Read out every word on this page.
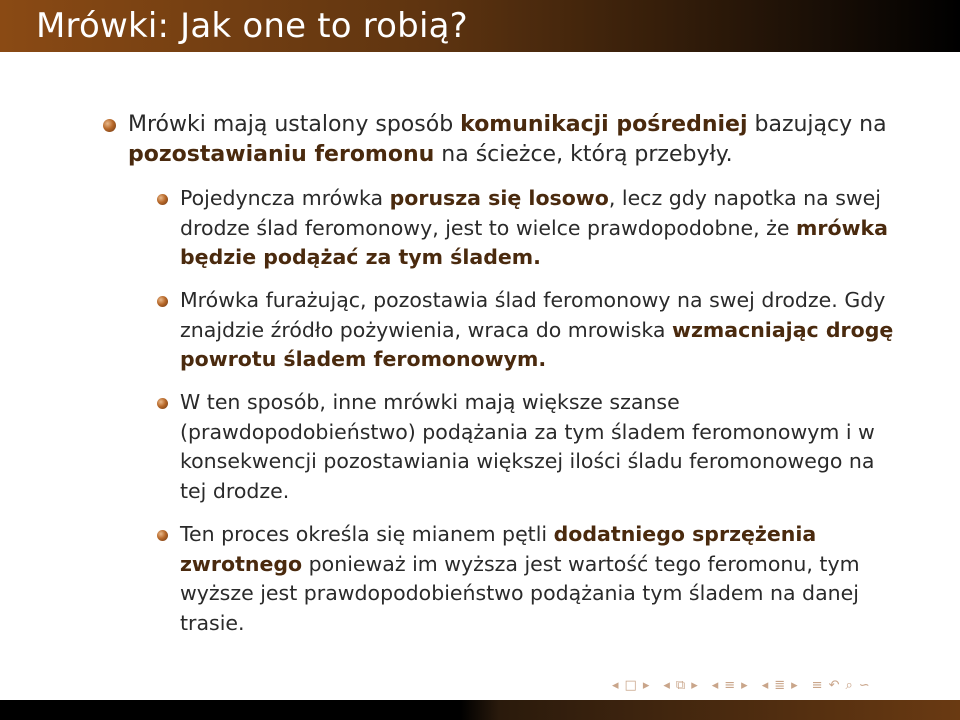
Mrówki: Jak one to robią?
Mrówki mają ustalony sposób komunikacji pośredniej bazujący na pozostawianiu feromonu na ścieżce, którą przebyły.
Pojedyncza mrówka porusza się losowo, lecz gdy napotka na swej drodze ślad feromonowy, jest to wielce prawdopodobne, że mrówka będzie podążać za tym śladem.
Mrówka furażując, pozostawia ślad feromonowy na swej drodze. Gdy znajdzie źródło pożywienia, wraca do mrowiska wzmacniając drogę powrotu śladem feromonowym.
W ten sposób, inne mrówki mają większe szanse (prawdopodobieństwo) podążania za tym śladem feromonowym i w konsekwencji pozostawiania większej ilości śladu feromonowego na tej drodze.
Ten proces określa się mianem pętli dodatniego sprzężenia zwrotnego ponieważ im wyższa jest wartość tego feromonu, tym wyższe jest prawdopodobieństwo podążania tym śladem na danej trasie.
◂ □ ▸ ◂ ⧉ ▸ ◂ ≡ ▸ ◂ ≣ ▸ ≡ ↶ ⌕ ∽
